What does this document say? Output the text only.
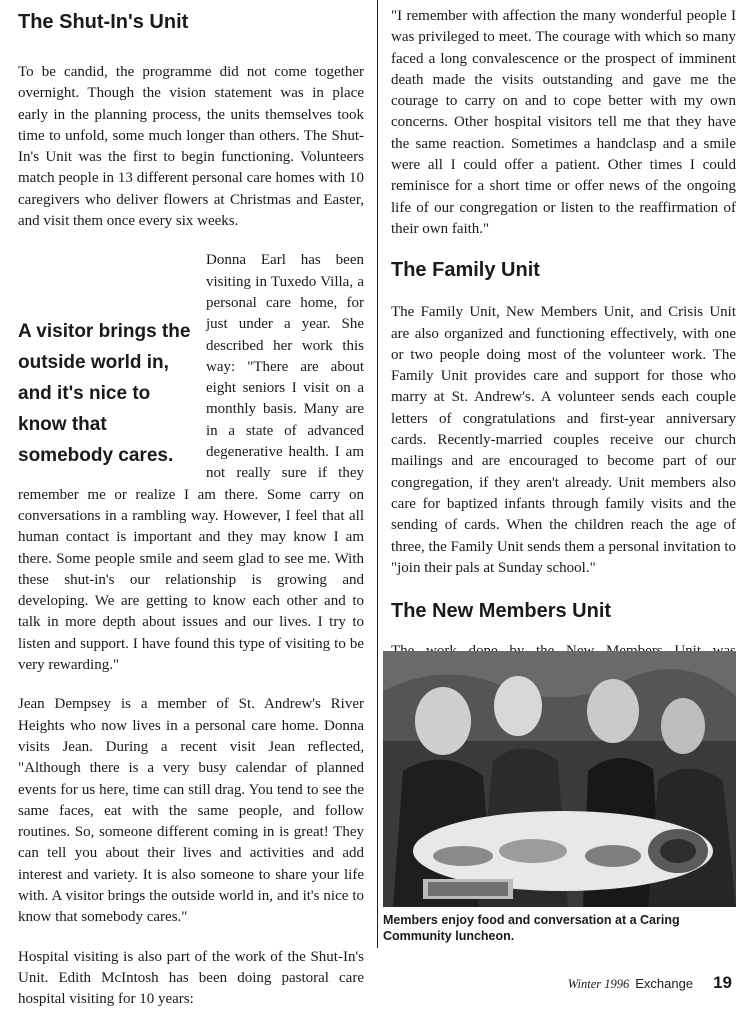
The Shut-In's Unit

To be candid, the programme did not come together overnight. Though the vision statement was in place early in the planning process, the units themselves took time to unfold, some much longer than others. The Shut-In's Unit was the first to begin functioning. Volunteers match people in 13 different personal care homes with 10 caregivers who deliver flowers at Christmas and Easter, and visit them once every six weeks.

A visitor brings the outside world in, and it's nice to know that somebody cares.

Donna Earl has been visiting in Tuxedo Villa, a personal care home, for just under a year. She described her work this way: "There are about eight seniors I visit on a monthly basis. Many are in a state of advanced degenerative health. I am not really sure if they remember me or realize I am there. Some carry on conversations in a rambling way. However, I feel that all human contact is important and they may know I am there. Some people smile and seem glad to see me. With these shut-in's our relationship is growing and developing. We are getting to know each other and to talk in more depth about issues and our lives. I try to listen and support. I have found this type of visiting to be very rewarding."

Jean Dempsey is a member of St. Andrew's River Heights who now lives in a personal care home. Donna visits Jean. During a recent visit Jean reflected, "Although there is a very busy calendar of planned events for us here, time can still drag. You tend to see the same faces, eat with the same people, and follow routines. So, someone different coming in is great! They can tell you about their lives and activities and add interest and variety. It is also someone to share your life with. A visitor brings the outside world in, and it's nice to know that somebody cares."

Hospital visiting is also part of the work of the Shut-In's Unit. Edith McIntosh has been doing pastoral care hospital visiting for 10 years:

"I remember with affection the many wonderful people I was privileged to meet. The courage with which so many faced a long convalescence or the prospect of imminent death made the visits outstanding and gave me the courage to carry on and to cope better with my own concerns. Other hospital visitors tell me that they have the same reaction. Sometimes a handclasp and a smile were all I could offer a patient. Other times I could reminisce for a short time or offer news of the ongoing life of our congregation or listen to the reaffirmation of their own faith."

The Family Unit

The Family Unit, New Members Unit, and Crisis Unit are also organized and functioning effectively, with one or two people doing most of the volunteer work. The Family Unit provides care and support for those who marry at St. Andrew's. A volunteer sends each couple letters of congratulations and first-year anniversary cards. Recently-married couples receive our church mailings and are encouraged to become part of our congregation, if they aren't already. Unit members also care for baptized infants through family visits and the sending of cards. When the children reach the age of three, the Family Unit sends them a personal invitation to "join their pals at Sunday school."

The New Members Unit

Members enjoy food and conversation at a Caring Community luncheon.
Winter 1996 Exchange 19
